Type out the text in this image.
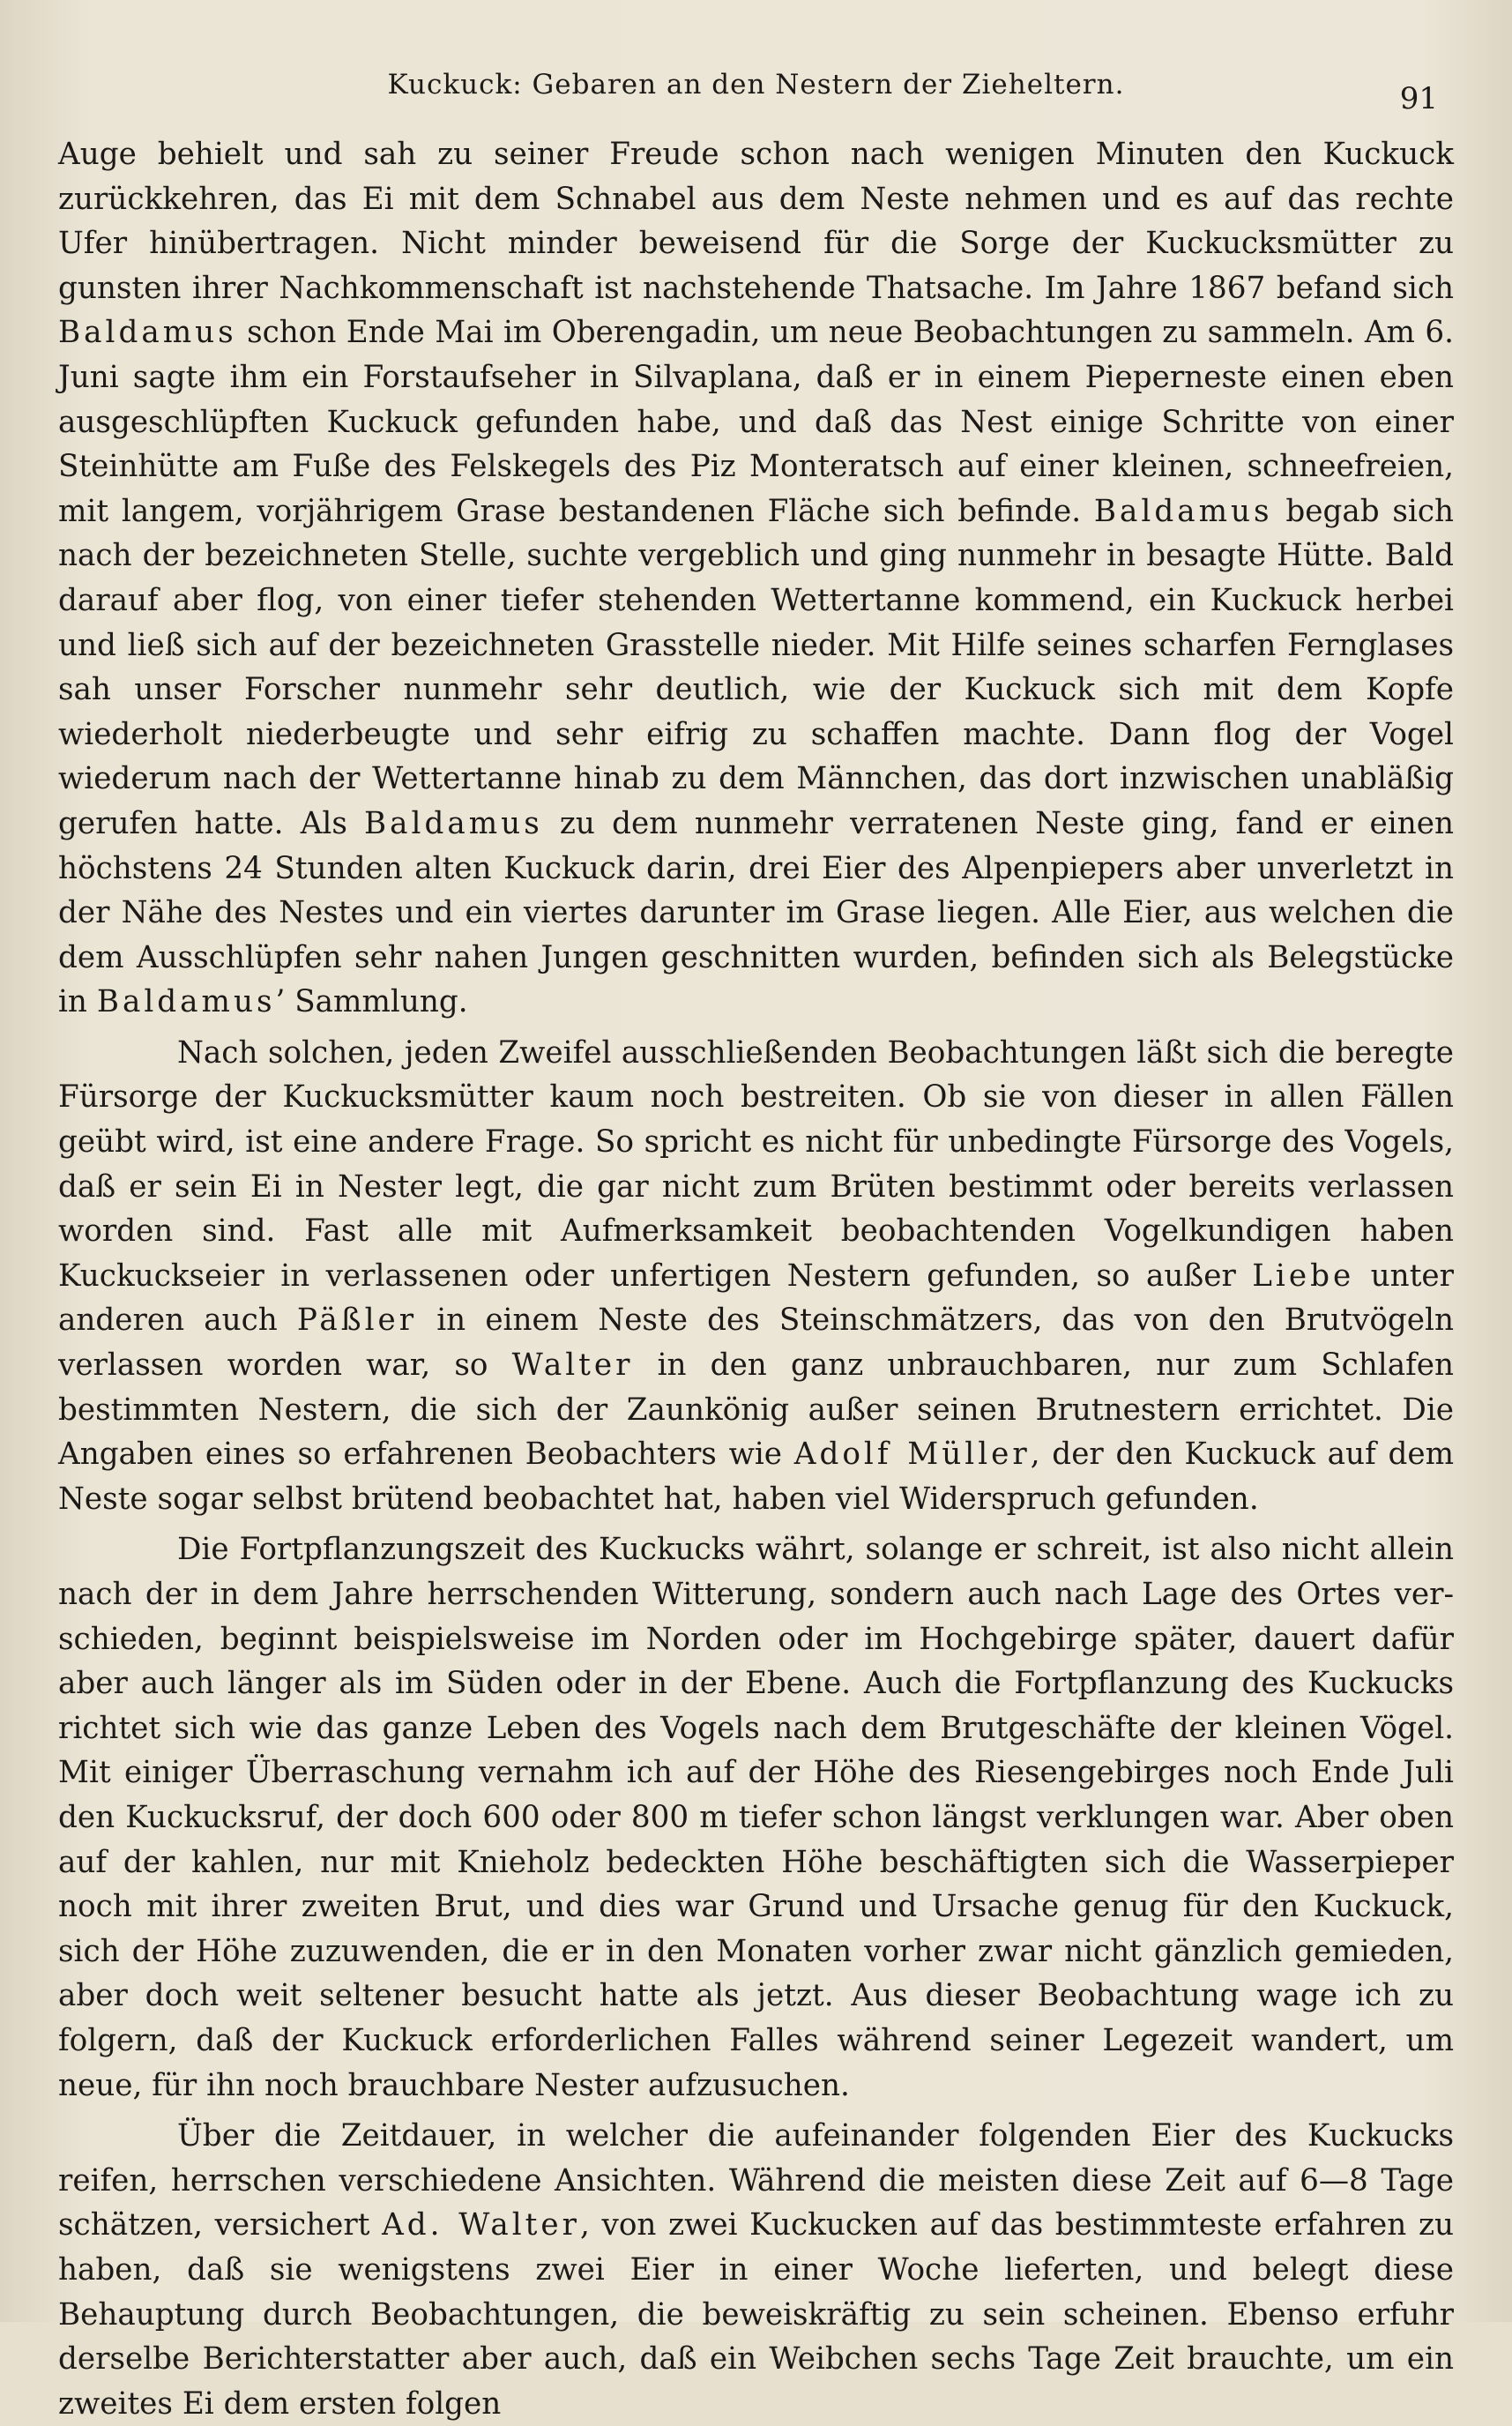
Kuckuck: Gebaren an den Nestern der Zieheltern.	91

Auge behielt und sah zu seiner Freude schon nach wenigen Minuten den Kuckuck zurückkehren, das Ei mit dem Schnabel aus dem Neste nehmen und es auf das rechte Ufer hinübertragen. Nicht minder beweisend für die Sorge der Kuckucksmütter zu gunsten ihrer Nachkommenschaft ist nachstehende Thatsache. Im Jahre 1867 befand sich Baldamus schon Ende Mai im Oberengadin, um neue Beobachtungen zu sammeln. Am 6. Juni sagte ihm ein Forstaufseher in Silvaplana, daß er in einem Pieperneste einen eben ausgeschlüpften Kuckuck gefunden habe, und daß das Nest einige Schritte von einer Steinhütte am Fuße des Felskegels des Piz Monteratsch auf einer kleinen, schneefreien, mit langem, vorjährigem Grase bestandenen Fläche sich befinde. Baldamus begab sich nach der bezeichneten Stelle, suchte vergeblich und ging nunmehr in besagte Hütte. Bald darauf aber flog, von einer tiefer stehenden Wettertanne kommend, ein Kuckuck herbei und ließ sich auf der bezeichneten Grasstelle nieder. Mit Hilfe seines scharfen Fernglases sah unser Forscher nunmehr sehr deutlich, wie der Kuckuck sich mit dem Kopfe wiederholt niederbeugte und sehr eifrig zu schaffen machte. Dann flog der Vogel wiederum nach der Wettertanne hinab zu dem Männchen, das dort inzwischen unabläßig gerufen hatte. Als Baldamus zu dem nunmehr verratenen Neste ging, fand er einen höchstens 24 Stunden alten Kuckuck darin, drei Eier des Alpenpiepers aber unverletzt in der Nähe des Nestes und ein viertes darunter im Grase liegen. Alle Eier, aus welchen die dem Ausschlüpfen sehr nahen Jungen geschnitten wurden, befinden sich als Belegstücke in Baldamus’ Sammlung.

Nach solchen, jeden Zweifel ausschließenden Beobachtungen läßt sich die beregte Fürsorge der Kuckucksmütter kaum noch bestreiten. Ob sie von dieser in allen Fällen geübt wird, ist eine andere Frage. So spricht es nicht für unbedingte Fürsorge des Vogels, daß er sein Ei in Nester legt, die gar nicht zum Brüten bestimmt oder bereits verlassen worden sind. Fast alle mit Aufmerksamkeit beobachtenden Vogelkundigen haben Kuckuckseier in verlassenen oder unfertigen Nestern gefunden, so außer Liebe unter anderen auch Päßler in einem Neste des Steinschmätzers, das von den Brutvögeln verlassen worden war, so Walter in den ganz unbrauchbaren, nur zum Schlafen bestimmten Nestern, die sich der Zaunkönig außer seinen Brutnestern errichtet. Die Angaben eines so erfahrenen Beobachters wie Adolf Müller, der den Kuckuck auf dem Neste sogar selbst brütend beobachtet hat, haben viel Widerspruch gefunden.

Die Fortpflanzungszeit des Kuckucks währt, solange er schreit, ist also nicht allein nach der in dem Jahre herrschenden Witterung, sondern auch nach Lage des Ortes verschieden, beginnt beispielsweise im Norden oder im Hochgebirge später, dauert dafür aber auch länger als im Süden oder in der Ebene. Auch die Fortpflanzung des Kuckucks richtet sich wie das ganze Leben des Vogels nach dem Brutgeschäfte der kleinen Vögel. Mit einiger Überraschung vernahm ich auf der Höhe des Riesengebirges noch Ende Juli den Kuckucksruf, der doch 600 oder 800 m tiefer schon längst verklungen war. Aber oben auf der kahlen, nur mit Knieholz bedeckten Höhe beschäftigten sich die Wasserpieper noch mit ihrer zweiten Brut, und dies war Grund und Ursache genug für den Kuckuck, sich der Höhe zuzuwenden, die er in den Monaten vorher zwar nicht gänzlich gemieden, aber doch weit seltener besucht hatte als jetzt. Aus dieser Beobachtung wage ich zu folgern, daß der Kuckuck erforderlichen Falles während seiner Legezeit wandert, um neue, für ihn noch brauchbare Nester aufzusuchen.

Über die Zeitdauer, in welcher die aufeinander folgenden Eier des Kuckucks reifen, herrschen verschiedene Ansichten. Während die meisten diese Zeit auf 6—8 Tage schätzen, versichert Ad. Walter, von zwei Kuckucken auf das bestimmteste erfahren zu haben, daß sie wenigstens zwei Eier in einer Woche lieferten, und belegt diese Behauptung durch Beobachtungen, die beweiskräftig zu sein scheinen. Ebenso erfuhr derselbe Berichterstatter aber auch, daß ein Weibchen sechs Tage Zeit brauchte, um ein zweites Ei dem ersten folgen
